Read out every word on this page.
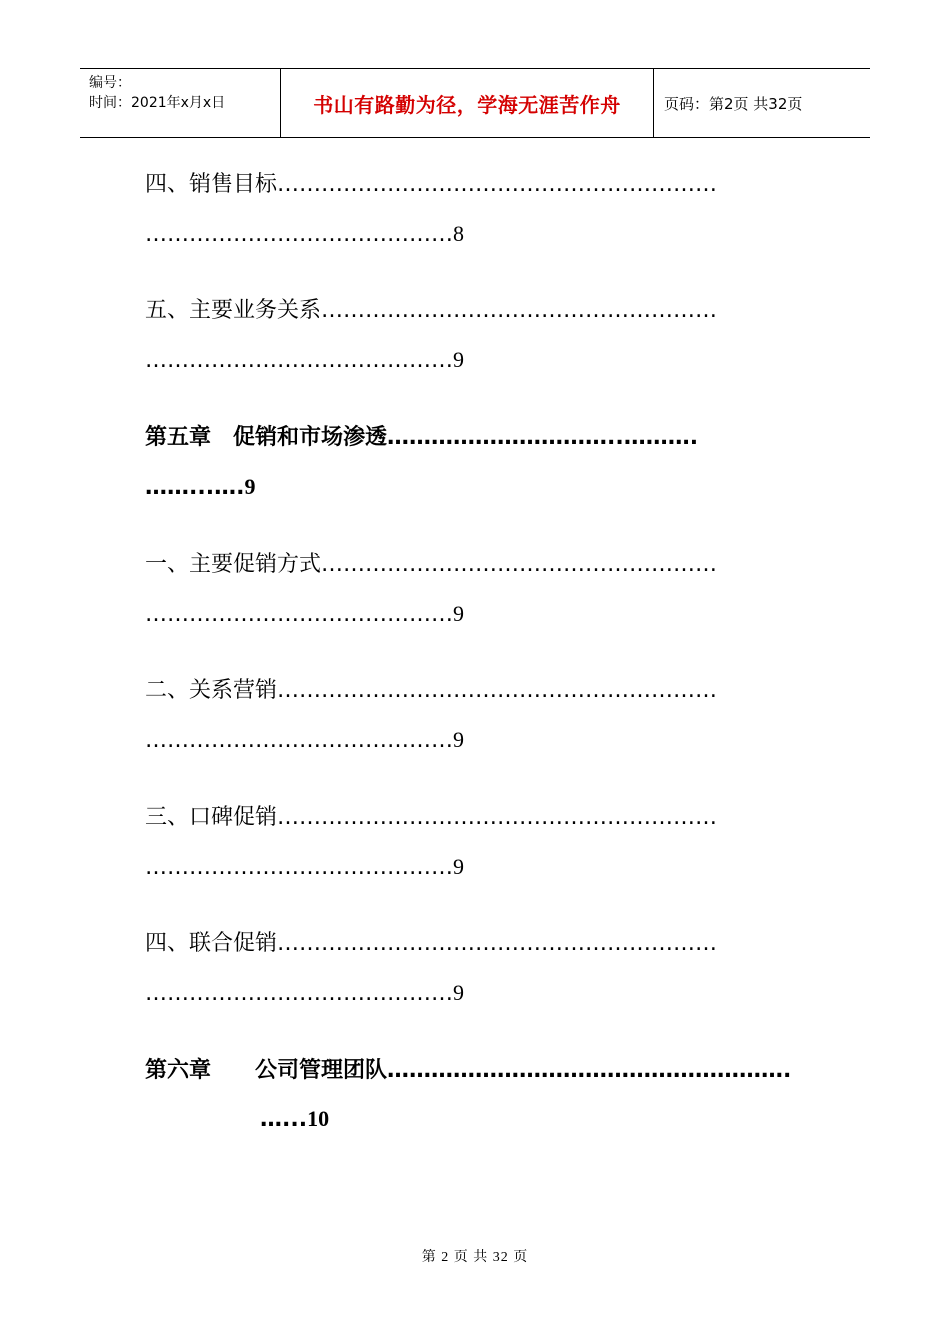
编号：
时间：2021年x月x日	书山有路勤为径，学海无涯苦作舟	页码：第2页 共32页
四、销售目标……………………………………………………
……………………………………8
五、主要业务关系………………………………………………
……………………………………9
第五章　促销和市场渗透…………………………..……….
……...….9
一、主要促销方式………………………………………………
……………………………………9
二、关系营销……………………………………………………
……………………………………9
三、口碑促销……………………………………………………
……………………………………9
四、联合促销……………………………………………………
……………………………………9
第六章　　公司管理团队……………………………………………….
…...10
第 2 页 共 32 页
